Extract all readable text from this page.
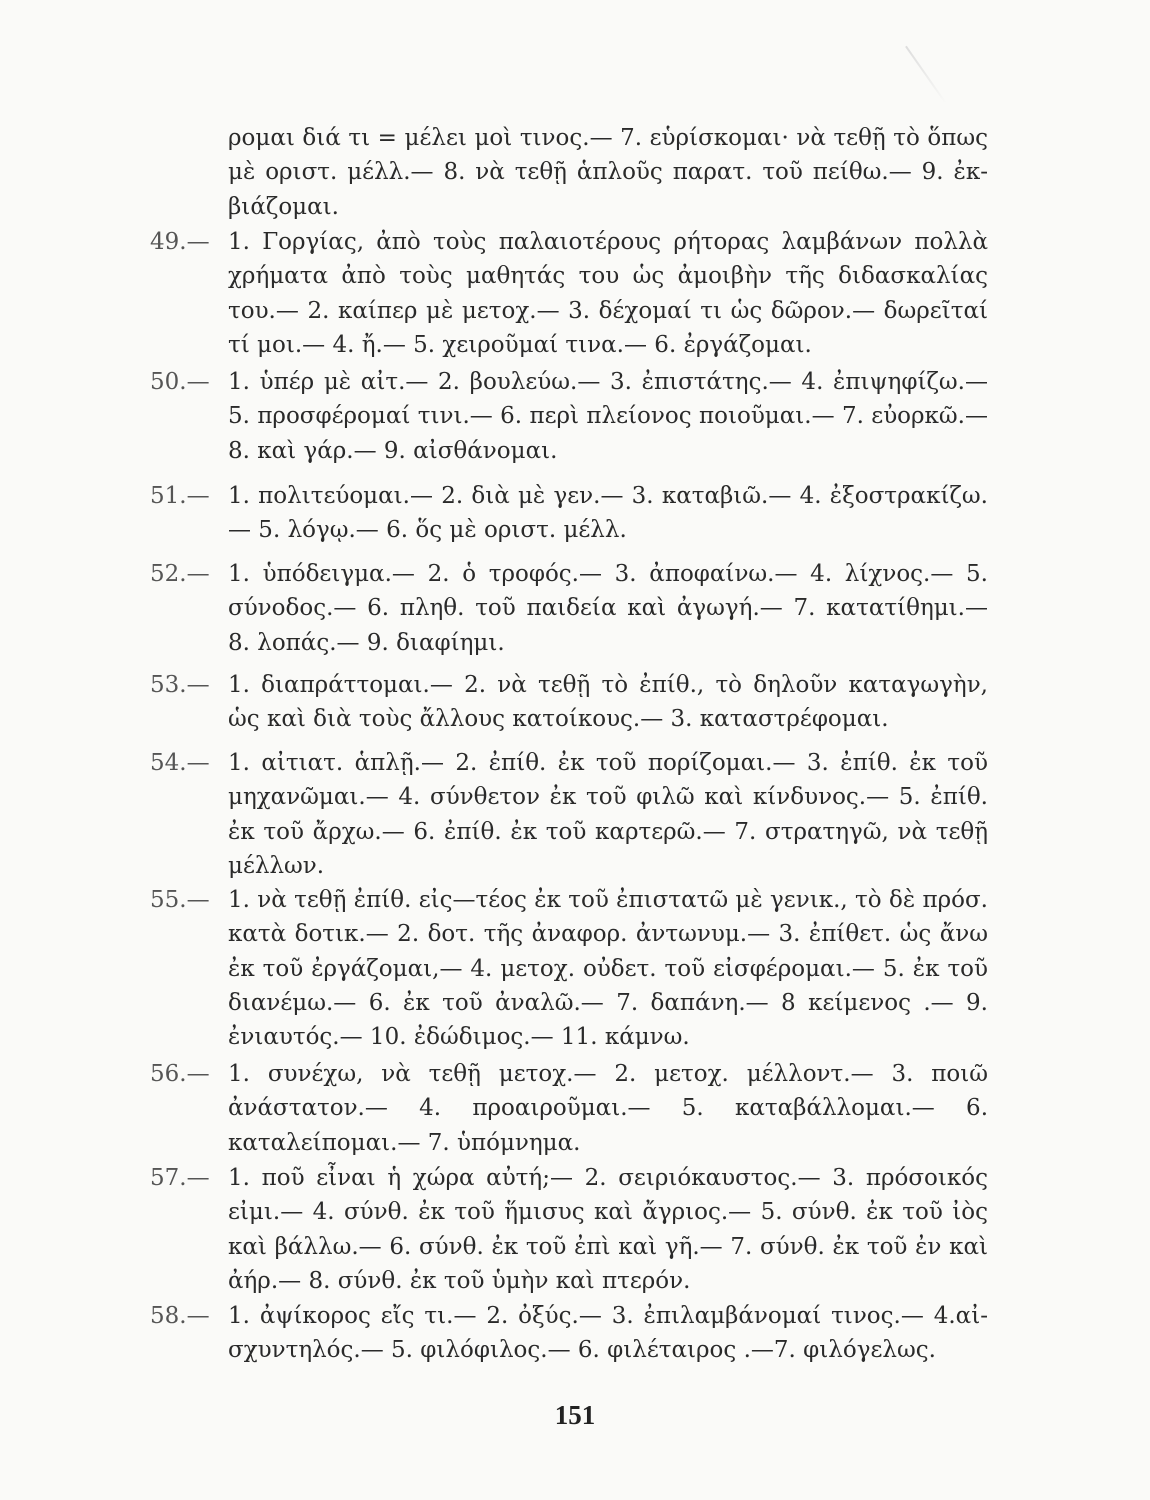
ρομαι διά τι = μέλει μοὶ τινος.— 7. εὑρίσκομαι· νὰ τεθῇ τὸ ὅπως μὲ οριστ. μέλλ.— 8. νὰ τεθῇ ἁπλοῦς παρατ. τοῦ πείθω.— 9. ἐκβιάζομαι.
49.— 1. Γοργίας, ἀπὸ τοὺς παλαιοτέρους ρήτορας λαμβάνων πολλὰ χρήματα ἀπὸ τοὺς μαθητάς του ὡς ἀμοιβὴν τῆς διδασκαλίας του.— 2. καίπερ μὲ μετοχ.— 3. δέχομαί τι ὡς δῶρον.— δωρεῖταί τί μοι.— 4. ἤ.— 5. χειροῦμαί τινα.— 6. ἐργάζομαι.
50.— 1. ὑπέρ μὲ αἰτ.— 2. βουλεύω.— 3. ἐπιστάτης.— 4. ἐπιψηφίζω.— 5. προσφέρομαί τινι.— 6. περὶ πλείονος ποιοῦμαι.— 7. εὐορκῶ.— 8. καὶ γάρ.— 9. αἰσθάνομαι.
51.— 1. πολιτεύομαι.— 2. διὰ μὲ γεν.— 3. καταβιῶ.— 4. ἐξοστρακίζω.— 5. λόγῳ.— 6. ὅς μὲ οριστ. μέλλ.
52.— 1. ὑπόδειγμα.— 2. ὁ τροφός.— 3. ἀποφαίνω.— 4. λίχνος.— 5. σύνοδος.— 6. πληθ. τοῦ παιδεία καὶ ἀγωγή.— 7. κατατίθημι.— 8. λοπάς.— 9. διαφίημι.
53.— 1. διαπράττομαι.— 2. νὰ τεθῇ τὸ ἐπίθ., τὸ δηλοῦν καταγωγὴν, ὡς καὶ διὰ τοὺς ἄλλους κατοίκους.— 3. καταστρέφομαι.
54.— 1. αἰτιατ. ἁπλῇ.— 2. ἐπίθ. ἐκ τοῦ πορίζομαι.— 3. ἐπίθ. ἐκ τοῦ μηχανῶμαι.— 4. σύνθετον ἐκ τοῦ φιλῶ καὶ κίνδυνος.— 5. ἐπίθ. ἐκ τοῦ ἄρχω.— 6. ἐπίθ. ἐκ τοῦ καρτερῶ.— 7. στρατηγῶ, νὰ τεθῇ μέλλων.
55.— 1. νὰ τεθῇ ἐπίθ. εἰς—τέος ἐκ τοῦ ἐπιστατῶ μὲ γενικ., τὸ δὲ πρόσ. κατὰ δοτικ.— 2. δοτ. τῆς ἀναφορ. ἀντωνυμ.— 3. ἐπίθετ. ὡς ἄνω ἐκ τοῦ ἐργάζομαι,— 4. μετοχ. οὐδετ. τοῦ εἰσφέρομαι.— 5. ἐκ τοῦ διανέμω.— 6. ἐκ τοῦ ἀναλῶ.— 7. δαπάνη.— 8 κείμενος .— 9. ἐνιαυτός.— 10. ἐδώδιμος.— 11. κάμνω.
56.— 1. συνέχω, νὰ τεθῇ μετοχ.— 2. μετοχ. μέλλοντ.— 3. ποιῶ ἀνάστατον.— 4. προαιροῦμαι.— 5. καταβάλλομαι.— 6. καταλείπομαι.— 7. ὑπόμνημα.
57.— 1. ποῦ εἶναι ἡ χώρα αὐτή;— 2. σειριόκαυστος.— 3. πρόσοικός εἰμι.— 4. σύνθ. ἐκ τοῦ ἥμισυς καὶ ἄγριος.— 5. σύνθ. ἐκ τοῦ ἰὸς καὶ βάλλω.— 6. σύνθ. ἐκ τοῦ ἐπὶ καὶ γῆ.— 7. σύνθ. ἐκ τοῦ ἐν καὶ ἀήρ.— 8. σύνθ. ἐκ τοῦ ὑμὴν καὶ πτερόν.
58.— 1. ἀψίκορος εἴς τι.— 2. ὀξύς.— 3. ἐπιλαμβάνομαί τινος.— 4.αἰσχυντηλός.— 5. φιλόφιλος.— 6. φιλέταιρος .—7. φιλόγελως.
151
